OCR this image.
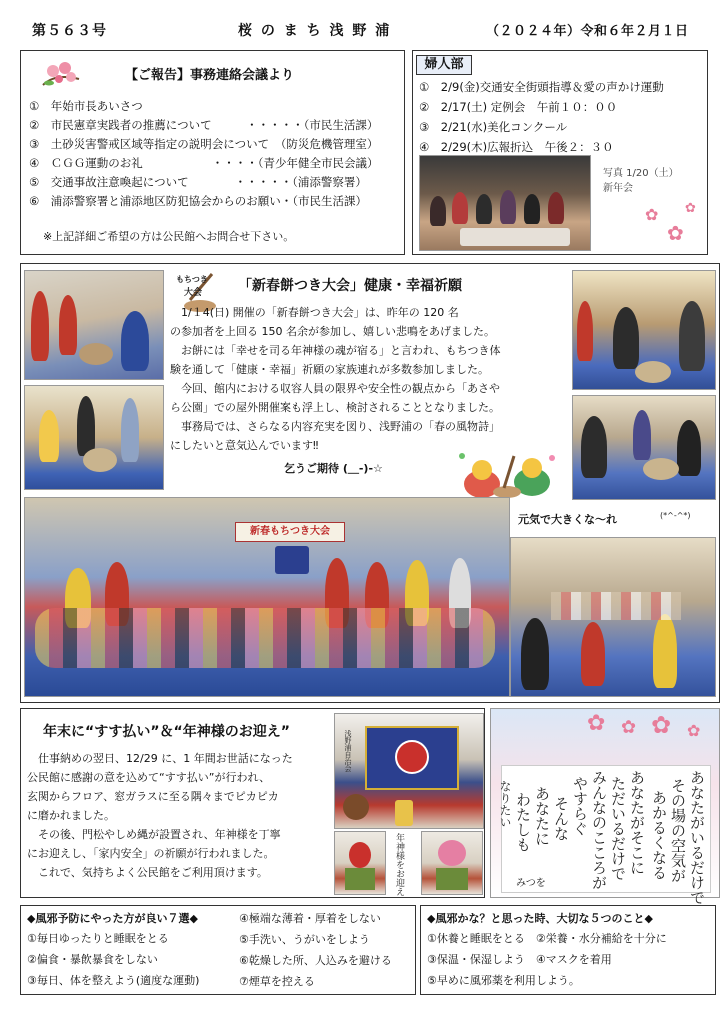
第５６３号	桜 の ま ち 浅 野 浦	（２０２４年）令和６年２月１日
【ご報告】事務連絡会議より
①　年始市長あいさつ
②　市民憲章実践者の推薦について　　　・・・・・（市民生活課）
③　土砂災害警戒区域等指定の説明会について　（防災危機管理室）
④　ＣＧＧ運動のお礼　　　　　　・・・・（青少年健全市民会議）
⑤　交通事故注意喚起について　　　　・・・・・（浦添警察署）
⑥　浦添警察署と浦添地区防犯協会からのお願い・（市民生活課）
※上記詳細ご希望の方は公民館へお問合せ下さい。
婦人部
①　2/9(金)交通安全街頭指導＆愛の声かけ運動
②　2/17(土) 定例会　午前１０：００
③　2/21(水)美化コンクール
④　2/29(木)広報折込　午後２：３０
写真 1/20（土）
新年会
✿
✿
✿
もちつき
大会	「新春餅つき大会」健康・幸福祈願
　1/１4(日) 開催の「新春餅つき大会」は、昨年の 120 名
の参加者を上回る 150 名余が参加し、嬉しい悲鳴をあげました。
　お餅には「幸せを司る年神様の魂が宿る」と言われ、もちつき体
験を通して「健康・幸福」祈願の家族連れが多数参加しました。
　今回、館内における収容人員の限界や安全性の観点から「あさや
ら公園」での屋外開催案も浮上し、検討されることとなりました。
　事務局では、さらなる内容充実を図り、浅野浦の「春の風物詩」
にしたいと意気込んでいます‼
乞うご期待 (＿-)-☆
新春もちつき大会
元気で大きくな～れ	(*^-^*)
年末に“すす払い”＆“年神様のお迎え”
　仕事納めの翌日、12/29 に、1 年間お世話になった
公民館に感謝の意を込めて“すす払い”が行われ、
玄関からフロア、窓ガラスに至る隅々までピカピカ
に磨かれました。
　その後、門松やしめ縄が設置され、年神様を丁寧
にお迎えし、「家内安全」の祈願が行われました。
　これで、気持ちよく公民館をご利用頂けます。
浅野浦自治会
年神様をお迎え
✿ ✿ ✿ ✿
あなたがいるだけで
その場の空気が
あかるくなる
あなたがそこに
ただいるだけで
みんなのこころが
やすらぐ
そんな
あなたに
わたしも
なりたい
みつを
◆風邪予防にやった方が良い７選◆
①毎日ゆったりと睡眠をとる
②偏食・暴飲暴食をしない
③毎日、体を整えよう(適度な運動)
④極端な薄着・厚着をしない
⑤手洗い、うがいをしよう
⑥乾燥した所、人込みを避ける
⑦煙草を控える
◆風邪かな？と思った時、大切な５つのこと◆
①休養と睡眠をとる　②栄養・水分補給を十分に
③保温・保湿しよう　④マスクを着用
⑤早めに風邪薬を利用しよう。
